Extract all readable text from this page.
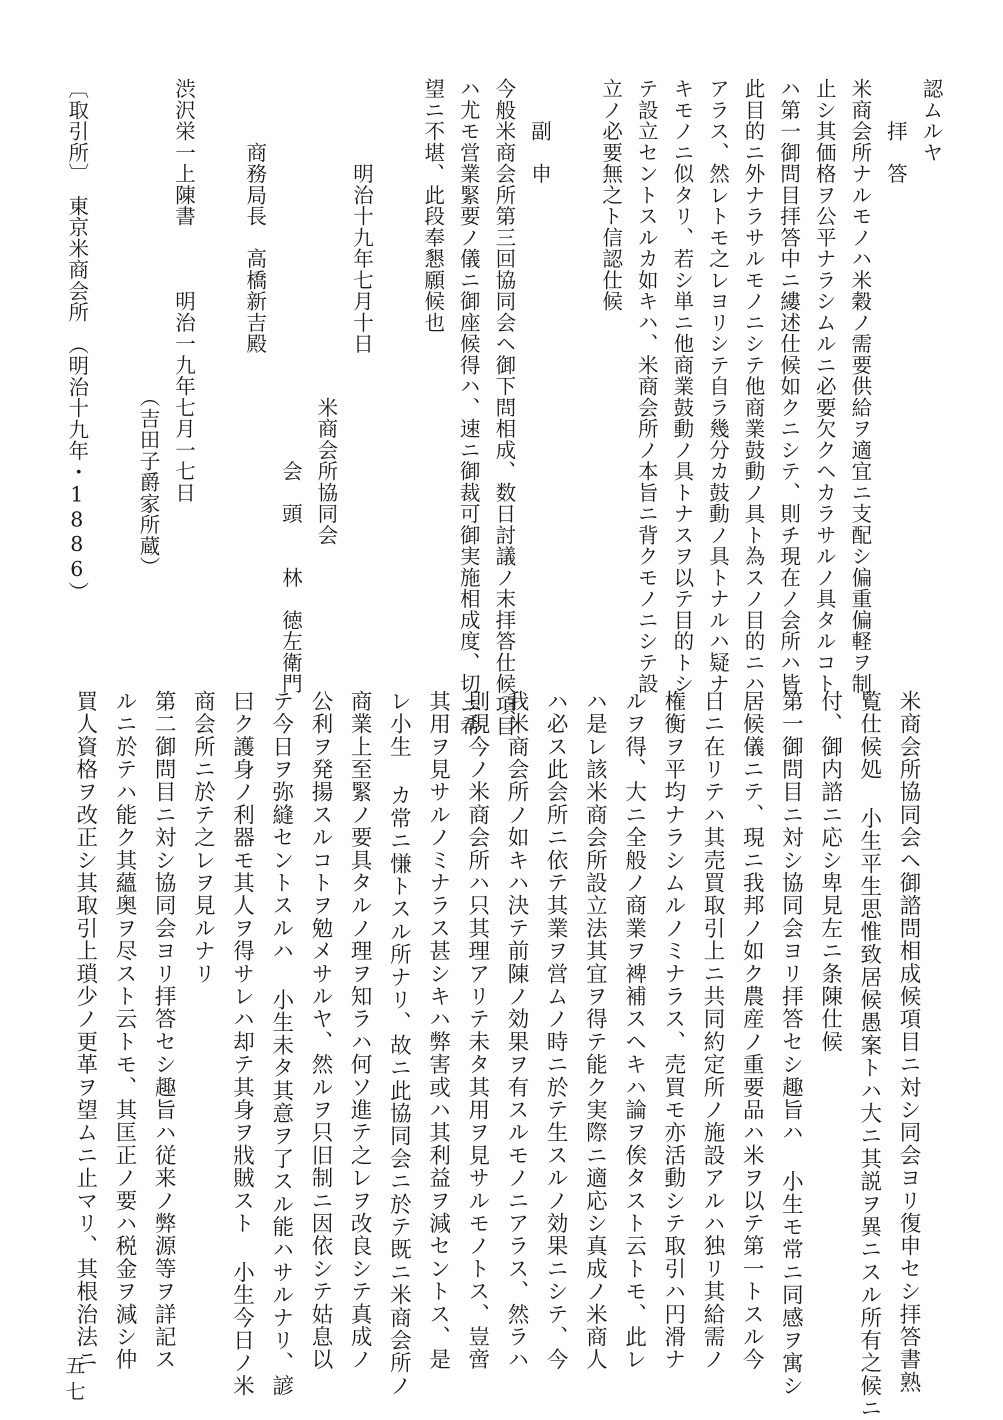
認ムルヤ
　　拝　答
米商会所ナルモノハ米穀ノ需要供給ヲ適宜ニ支配シ偏重偏軽ヲ制
止シ其価格ヲ公平ナラシムルニ必要欠クヘカラサルノ具タルコト
ハ第一御問目拝答中ニ縷述仕候如クニシテ、則チ現在ノ会所ハ皆
此目的ニ外ナラサルモノニシテ他商業鼓動ノ具ト為スノ目的ニハ
アラス、然レトモ之レヨリシテ自ラ幾分カ鼓動ノ具トナルハ疑ナ
キモノニ似タリ、若シ単ニ他商業鼓動ノ具トナスヲ以テ目的トシ
テ設立セントスルカ如キハ、米商会所ノ本旨ニ背クモノニシテ設
立ノ必要無之ト信認仕候

　　副　申
今般米商会所第三回協同会ヘ御下問相成、数日討議ノ末拝答仕候項目
ハ尤モ営業緊要ノ儀ニ御座候得ハ、速ニ御裁可御実施相成度、切ニ希
望ニ不堪、此段奉懇願候也

　　　　明治十九年七月十日
　　　　　　　　　　　　　　　米商会所協同会
　　　　　　　　　　　　　　　　　　会　頭　　林　徳左衛門
　　　商務局長　高橋新吉殿

渋沢栄一上陳書　　　明治一九年七月一七日
　　　　　　　　　　　　　　　（吉田子爵家所蔵）

〔取引所〕　東京米商会所　（明治十九年・1886）

米商会所協同会ヘ御諮問相成候項目ニ対シ同会ヨリ復申セシ拝答書熟
覧仕候処 小生平生思惟致居候愚案トハ大ニ其説ヲ異ニスル所有之候ニ
付、御内諮ニ応シ卑見左ニ条陳仕候
第一御問目ニ対シ協同会ヨリ拝答セシ趣旨ハ 小生モ常ニ同感ヲ寓シ
居候儀ニテ、現ニ我邦ノ如ク農産ノ重要品ハ米ヲ以テ第一トスル今
日ニ在リテハ其売買取引上ニ共同約定所ノ施設アルハ独リ其給需ノ
権衡ヲ平均ナラシムルノミナラス、売買モ亦活動シテ取引ハ円滑ナ
ルヲ得、大ニ全般ノ商業ヲ裨補スヘキハ論ヲ俟タスト云トモ、此レ
ハ是レ該米商会所設立法其宜ヲ得テ能ク実際ニ適応シ真成ノ米商人
ハ必ス此会所ニ依テ其業ヲ営ムノ時ニ於テ生スルノ効果ニシテ、今
我米商会所ノ如キハ決テ前陳ノ効果ヲ有スルモノニアラス、然ラハ
則現今ノ米商会所ハ只其理アリテ未タ其用ヲ見サルモノトス、豈啻
其用ヲ見サルノミナラス甚シキハ弊害或ハ其利益ヲ減セントス、是
レ小生 カ常ニ慊トスル所ナリ、故ニ此協同会ニ於テ既ニ米商会所ノ
商業上至緊ノ要具タルノ理ヲ知ラハ何ソ進テ之レヲ改良シテ真成ノ
公利ヲ発揚スルコトヲ勉メサルヤ、然ルヲ只旧制ニ因依シテ姑息以
テ今日ヲ弥縫セントスルハ 小生未タ其意ヲ了スル能ハサルナリ、諺
曰ク護身ノ利器モ其人ヲ得サレハ却テ其身ヲ戕賊スト 小生今日ノ米
商会所ニ於テ之レヲ見ルナリ
第二御問目ニ対シ協同会ヨリ拝答セシ趣旨ハ従来ノ弊源等ヲ詳記ス
ルニ於テハ能ク其蘊奥ヲ尽スト云トモ、其匡正ノ要ハ税金ヲ減シ仲
買人資格ヲ改正シ其取引上瑣少ノ更革ヲ望ムニ止マリ、其根治法ニ

五七
